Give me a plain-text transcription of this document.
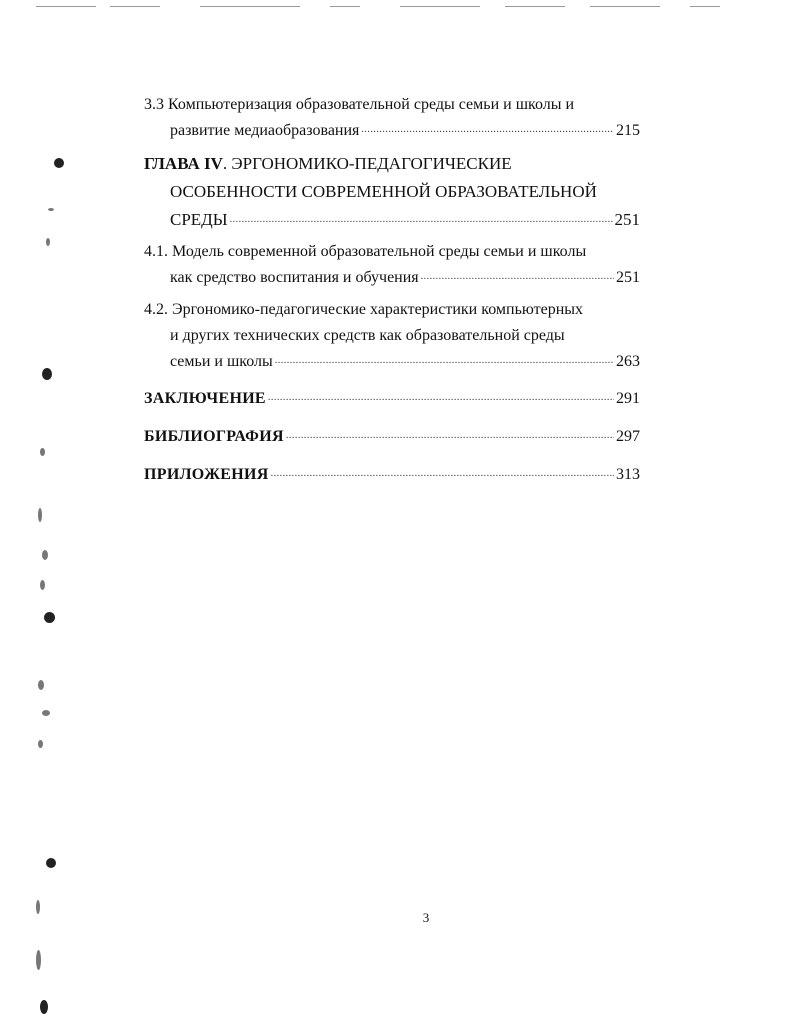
3.3 Компьютеризация образовательной среды семьи и школы и
развитие медиаобразования .....	215
ГЛАВА IV. ЭРГОНОМИКО-ПЕДАГОГИЧЕСКИЕ
ОСОБЕННОСТИ СОВРЕМЕННОЙ ОБРАЗОВАТЕЛЬНОЙ
СРЕДЫ .....	251
4.1. Модель современной образовательной среды семьи и школы
как средство воспитания и обучения .....	251
4.2. Эргономико-педагогические характеристики компьютерных
и других технических средств как образовательной среды
семьи и школы .....	263
ЗАКЛЮЧЕНИЕ .....	291
БИБЛИОГРАФИЯ .....	297
ПРИЛОЖЕНИЯ .....	313
3
